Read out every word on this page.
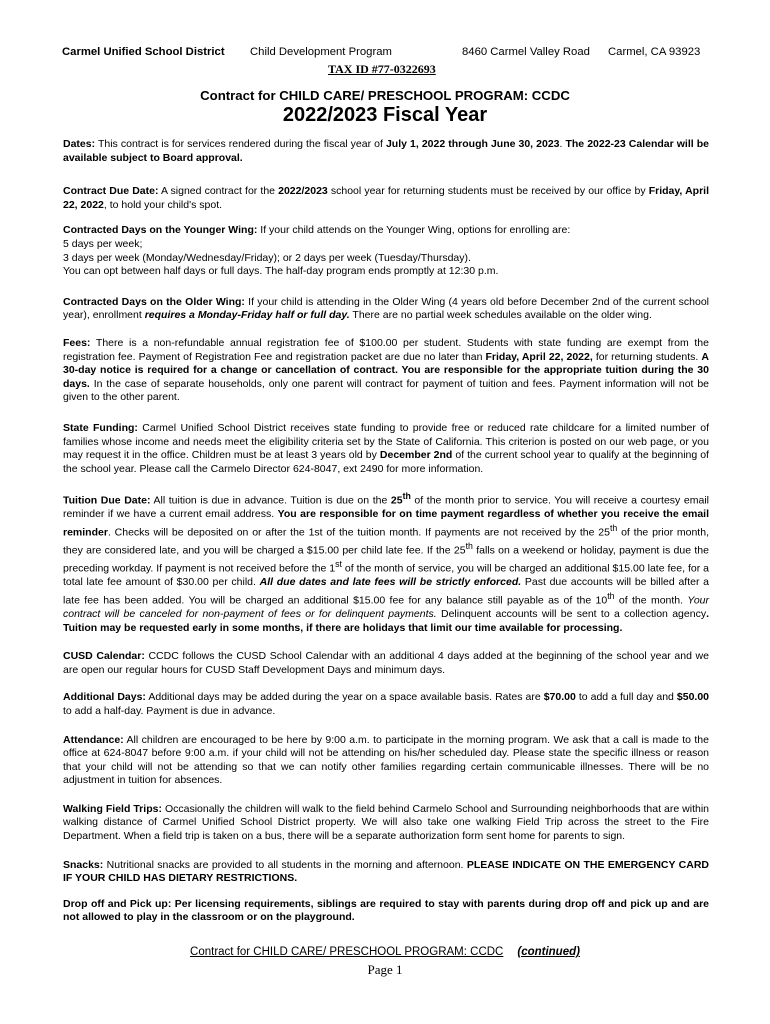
Carmel Unified School District Child Development Program	8460 Carmel Valley Road Carmel, CA 93923
TAX ID #77-0322693
Contract for CHILD CARE/ PRESCHOOL PROGRAM: CCDC
2022/2023 Fiscal Year

Dates: This contract is for services rendered during the fiscal year of July 1, 2022 through June 30, 2023. The 2022-23 Calendar will be available subject to Board approval.

Contract Due Date: A signed contract for the 2022/2023 school year for returning students must be received by our office by Friday, April 22, 2022, to hold your child's spot.

Contracted Days on the Younger Wing: If your child attends on the Younger Wing, options for enrolling are:
5 days per week;
3 days per week (Monday/Wednesday/Friday); or 2 days per week (Tuesday/Thursday).
You can opt between half days or full days. The half-day program ends promptly at 12:30 p.m.

Contracted Days on the Older Wing: If your child is attending in the Older Wing (4 years old before December 2nd of the current school year), enrollment requires a Monday-Friday half or full day. There are no partial week schedules available on the older wing.

Fees: There is a non-refundable annual registration fee of $100.00 per student. Students with state funding are exempt from the registration fee. Payment of Registration Fee and registration packet are due no later than Friday, April 22, 2022, for returning students. A 30-day notice is required for a change or cancellation of contract. You are responsible for the appropriate tuition during the 30 days. In the case of separate households, only one parent will contract for payment of tuition and fees. Payment information will not be given to the other parent.

State Funding: Carmel Unified School District receives state funding to provide free or reduced rate childcare for a limited number of families whose income and needs meet the eligibility criteria set by the State of California. This criterion is posted on our web page, or you may request it in the office. Children must be at least 3 years old by December 2nd of the current school year to qualify at the beginning of the school year. Please call the Carmelo Director 624-8047, ext 2490 for more information.

Tuition Due Date: All tuition is due in advance. Tuition is due on the 25th of the month prior to service. You will receive a courtesy email reminder if we have a current email address. You are responsible for on time payment regardless of whether you receive the email reminder. Checks will be deposited on or after the 1st of the tuition month. If payments are not received by the 25th of the prior month, they are considered late, and you will be charged a $15.00 per child late fee. If the 25th falls on a weekend or holiday, payment is due the preceding workday. If payment is not received before the 1st of the month of service, you will be charged an additional $15.00 late fee, for a total late fee amount of $30.00 per child. All due dates and late fees will be strictly enforced. Past due accounts will be billed after a late fee has been added. You will be charged an additional $15.00 fee for any balance still payable as of the 10th of the month. Your contract will be canceled for non-payment of fees or for delinquent payments. Delinquent accounts will be sent to a collection agency. Tuition may be requested early in some months, if there are holidays that limit our time available for processing.

CUSD Calendar: CCDC follows the CUSD School Calendar with an additional 4 days added at the beginning of the school year and we are open our regular hours for CUSD Staff Development Days and minimum days.

Additional Days: Additional days may be added during the year on a space available basis. Rates are $70.00 to add a full day and $50.00 to add a half-day. Payment is due in advance.

Attendance: All children are encouraged to be here by 9:00 a.m. to participate in the morning program. We ask that a call is made to the office at 624-8047 before 9:00 a.m. if your child will not be attending on his/her scheduled day. Please state the specific illness or reason that your child will not be attending so that we can notify other families regarding certain communicable illnesses. There will be no adjustment in tuition for absences.

Walking Field Trips: Occasionally the children will walk to the field behind Carmelo School and Surrounding neighborhoods that are within walking distance of Carmel Unified School District property. We will also take one walking Field Trip across the street to the Fire Department. When a field trip is taken on a bus, there will be a separate authorization form sent home for parents to sign.

Snacks: Nutritional snacks are provided to all students in the morning and afternoon. PLEASE INDICATE ON THE EMERGENCY CARD IF YOUR CHILD HAS DIETARY RESTRICTIONS.

Drop off and Pick up: Per licensing requirements, siblings are required to stay with parents during drop off and pick up and are not allowed to play in the classroom or on the playground.

Contract for CHILD CARE/ PRESCHOOL PROGRAM: CCDC (continued)
Page 1
